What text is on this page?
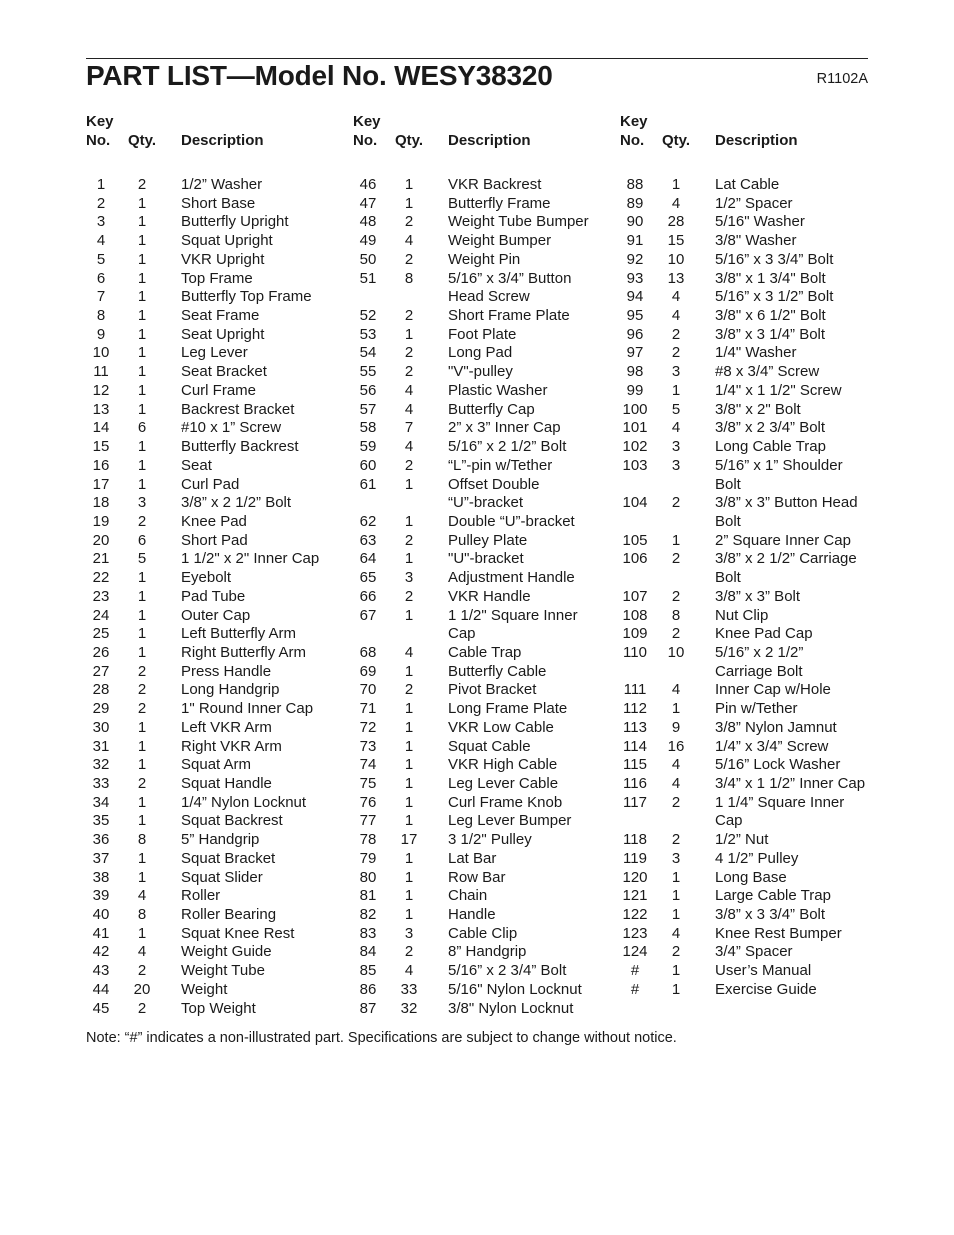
PART LIST—Model No. WESY38320	R1102A
Key
No. Qty. Description
1	2	1/2” Washer
2	1	Short Base
3	1	Butterfly Upright
4	1	Squat Upright
5	1	VKR Upright
6	1	Top Frame
7	1	Butterfly Top Frame
8	1	Seat Frame
9	1	Seat Upright
10	1	Leg Lever
11	1	Seat Bracket
12	1	Curl Frame
13	1	Backrest Bracket
14	6	#10 x 1” Screw
15	1	Butterfly Backrest
16	1	Seat
17	1	Curl Pad
18	3	3/8” x 2 1/2” Bolt
19	2	Knee Pad
20	6	Short Pad
21	5	1 1/2" x 2" Inner Cap
22	1	Eyebolt
23	1	Pad Tube
24	1	Outer Cap
25	1	Left Butterfly Arm
26	1	Right Butterfly Arm
27	2	Press Handle
28	2	Long Handgrip
29	2	1" Round Inner Cap
30	1	Left VKR Arm
31	1	Right VKR Arm
32	1	Squat Arm
33	2	Squat Handle
34	1	1/4” Nylon Locknut
35	1	Squat Backrest
36	8	5” Handgrip
37	1	Squat Bracket
38	1	Squat Slider
39	4	Roller
40	8	Roller Bearing
41	1	Squat Knee Rest
42	4	Weight Guide
43	2	Weight Tube
44	20	Weight
45	2	Top Weight
Key
No. Qty. Description
46	1	VKR Backrest
47	1	Butterfly Frame
48	2	Weight Tube Bumper
49	4	Weight Bumper
50	2	Weight Pin
51	8	5/16” x 3/4” Button
Head Screw
52	2	Short Frame Plate
53	1	Foot Plate
54	2	Long Pad
55	2	"V"-pulley
56	4	Plastic Washer
57	4	Butterfly Cap
58	7	2” x 3” Inner Cap
59	4	5/16” x 2 1/2” Bolt
60	2	“L”-pin w/Tether
61	1	Offset Double
“U”-bracket
62	1	Double “U”-bracket
63	2	Pulley Plate
64	1	"U"-bracket
65	3	Adjustment Handle
66	2	VKR Handle
67	1	1 1/2" Square Inner
Cap
68	4	Cable Trap
69	1	Butterfly Cable
70	2	Pivot Bracket
71	1	Long Frame Plate
72	1	VKR Low Cable
73	1	Squat Cable
74	1	VKR High Cable
75	1	Leg Lever Cable
76	1	Curl Frame Knob
77	1	Leg Lever Bumper
78	17	3 1/2" Pulley
79	1	Lat Bar
80	1	Row Bar
81	1	Chain
82	1	Handle
83	3	Cable Clip
84	2	8” Handgrip
85	4	5/16” x 2 3/4” Bolt
86	33	5/16" Nylon Locknut
87	32	3/8" Nylon Locknut
Key
No. Qty. Description
88	1	Lat Cable
89	4	1/2” Spacer
90	28	5/16" Washer
91	15	3/8" Washer
92	10	5/16” x 3 3/4” Bolt
93	13	3/8" x 1 3/4" Bolt
94	4	5/16” x 3 1/2” Bolt
95	4	3/8" x 6 1/2" Bolt
96	2	3/8” x 3 1/4” Bolt
97	2	1/4" Washer
98	3	#8 x 3/4” Screw
99	1	1/4" x 1 1/2" Screw
100	5	3/8" x 2" Bolt
101	4	3/8” x 2 3/4” Bolt
102	3	Long Cable Trap
103	3	5/16” x 1” Shoulder
Bolt
104	2	3/8” x 3” Button Head
Bolt
105	1	2” Square Inner Cap
106	2	3/8” x 2 1/2” Carriage
Bolt
107	2	3/8” x 3” Bolt
108	8	Nut Clip
109	2	Knee Pad Cap
110	10	5/16” x 2 1/2”
Carriage Bolt
111	4	Inner Cap w/Hole
112	1	Pin w/Tether
113	9	3/8” Nylon Jamnut
114	16	1/4” x 3/4” Screw
115	4	5/16” Lock Washer
116	4	3/4” x 1 1/2” Inner Cap
117	2	1 1/4” Square Inner
Cap
118	2	1/2” Nut
119	3	4 1/2” Pulley
120	1	Long Base
121	1	Large Cable Trap
122	1	3/8” x 3 3/4” Bolt
123	4	Knee Rest Bumper
124	2	3/4” Spacer
#	1	User’s Manual
#	1	Exercise Guide
Note: “#” indicates a non-illustrated part. Specifications are subject to change without notice.
